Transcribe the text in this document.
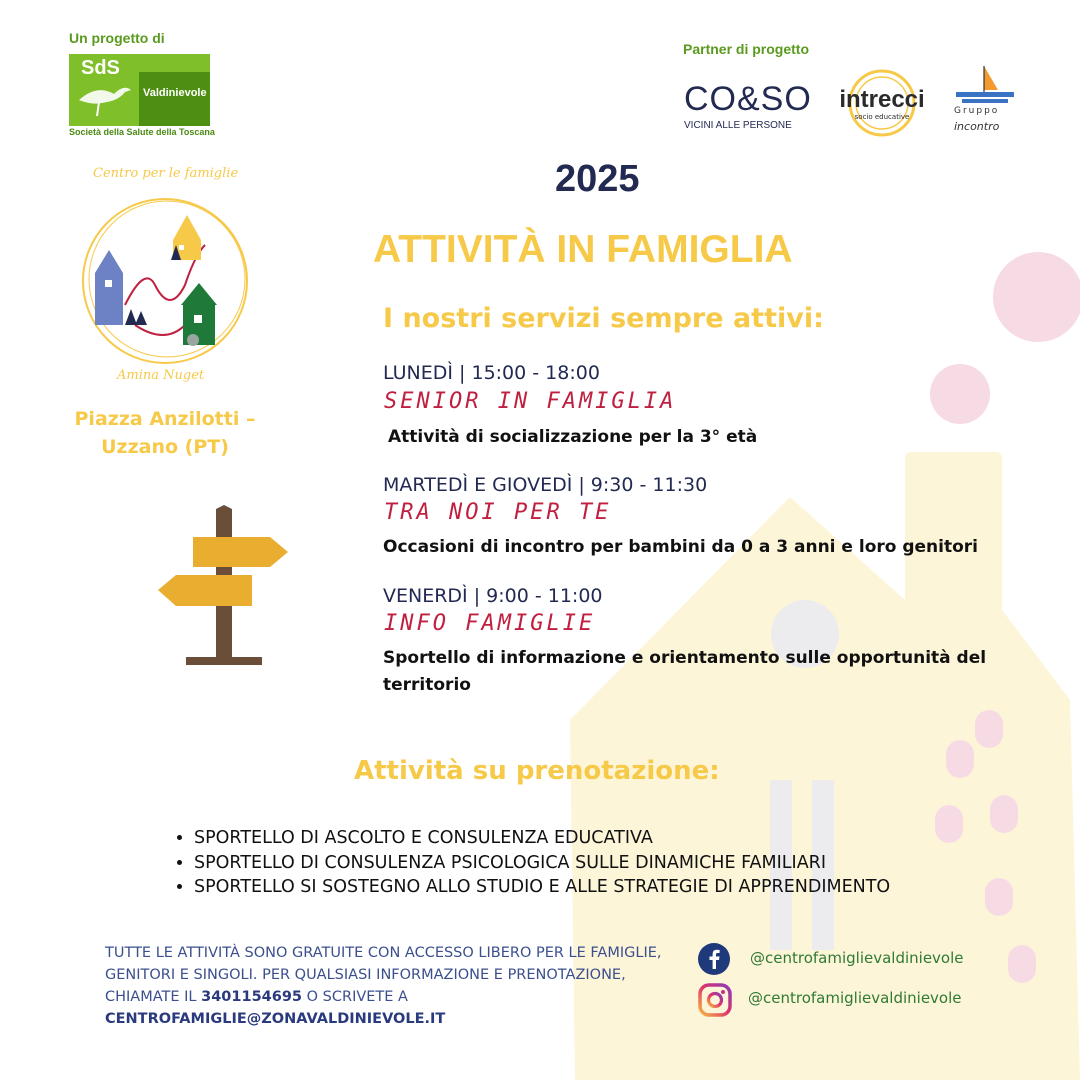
Un progetto di
SdS
Valdinievole
Società della Salute della Toscana
Partner di progetto
CO&SO
VICINI ALLE PERSONE
intrecci
socio educative
Gruppo
incontro
Centro per le famiglie
Amina Nuget
Piazza Anzilotti –
Uzzano (PT)
2025
ATTIVITÀ IN FAMIGLIA
I nostri servizi sempre attivi:
LUNEDÌ | 15:00 - 18:00
SENIOR IN FAMIGLIA
Attività di socializzazione per la 3° età
MARTEDÌ E GIOVEDÌ | 9:30 - 11:30
TRA NOI PER TE
Occasioni di incontro per bambini da 0 a 3 anni e loro genitori
VENERDÌ | 9:00 - 11:00
INFO FAMIGLIE
Sportello di informazione e orientamento sulle opportunità del territorio
Attività su prenotazione:
• SPORTELLO DI ASCOLTO E CONSULENZA EDUCATIVA
• SPORTELLO DI CONSULENZA PSICOLOGICA SULLE DINAMICHE FAMILIARI
• SPORTELLO SI SOSTEGNO ALLO STUDIO E ALLE STRATEGIE DI APPRENDIMENTO
TUTTE LE ATTIVITÀ SONO GRATUITE CON ACCESSO LIBERO PER LE FAMIGLIE, GENITORI E SINGOLI. PER QUALSIASI INFORMAZIONE E PRENOTAZIONE, CHIAMATE IL 3401154695 O SCRIVETE A
CENTROFAMIGLIE@ZONAVALDINIEVOLE.IT
@centrofamiglievaldinievole
@centrofamiglievaldinievole
